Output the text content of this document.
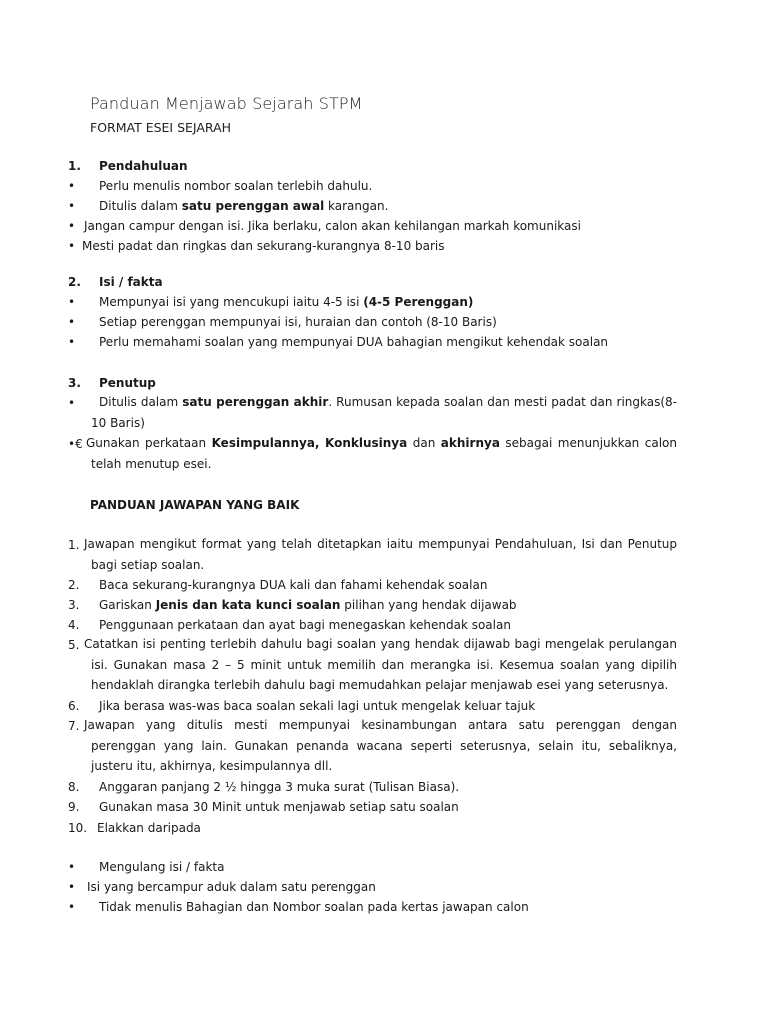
Panduan Menjawab Sejarah STPM
FORMAT ESEI SEJARAH
1. Pendahuluan
• Perlu menulis nombor soalan terlebih dahulu.
• Ditulis dalam satu perenggan awal karangan.
• Jangan campur dengan isi. Jika berlaku, calon akan kehilangan markah komunikasi
• Mesti padat dan ringkas dan sekurang-kurangnya 8-10 baris
2. Isi / fakta
• Mempunyai isi yang mencukupi iaitu 4-5 isi (4-5 Perenggan)
• Setiap perenggan mempunyai isi, huraian dan contoh (8-10 Baris)
• Perlu memahami soalan yang mempunyai DUA bahagian mengikut kehendak soalan
3. Penutup
•	Ditulis dalam satu perenggan akhir. Rumusan kepada soalan dan mesti padat dan ringkas(8-10 Baris)
•€ Gunakan perkataan Kesimpulannya, Konklusinya dan akhirnya sebagai menunjukkan calon telah menutup esei.
PANDUAN JAWAPAN YANG BAIK
1. Jawapan mengikut format yang telah ditetapkan iaitu mempunyai Pendahuluan, Isi dan Penutup bagi setiap soalan.
2. Baca sekurang-kurangnya DUA kali dan fahami kehendak soalan
3. Gariskan Jenis dan kata kunci soalan pilihan yang hendak dijawab
4. Penggunaan perkataan dan ayat bagi menegaskan kehendak soalan
5. Catatkan isi penting terlebih dahulu bagi soalan yang hendak dijawab bagi mengelak perulangan isi. Gunakan masa 2 – 5 minit untuk memilih dan merangka isi. Kesemua soalan yang dipilih hendaklah dirangka terlebih dahulu bagi memudahkan pelajar menjawab esei yang seterusnya.
6. Jika berasa was-was baca soalan sekali lagi untuk mengelak keluar tajuk
7. Jawapan yang ditulis mesti mempunyai kesinambungan antara satu perenggan dengan perenggan yang lain. Gunakan penanda wacana seperti seterusnya, selain itu, sebaliknya, justeru itu, akhirnya, kesimpulannya dll.
8. Anggaran panjang 2 ½ hingga 3 muka surat (Tulisan Biasa).
9. Gunakan masa 30 Minit untuk menjawab setiap satu soalan
10. Elakkan daripada
• Mengulang isi / fakta
• Isi yang bercampur aduk dalam satu perenggan
• Tidak menulis Bahagian dan Nombor soalan pada kertas jawapan calon
